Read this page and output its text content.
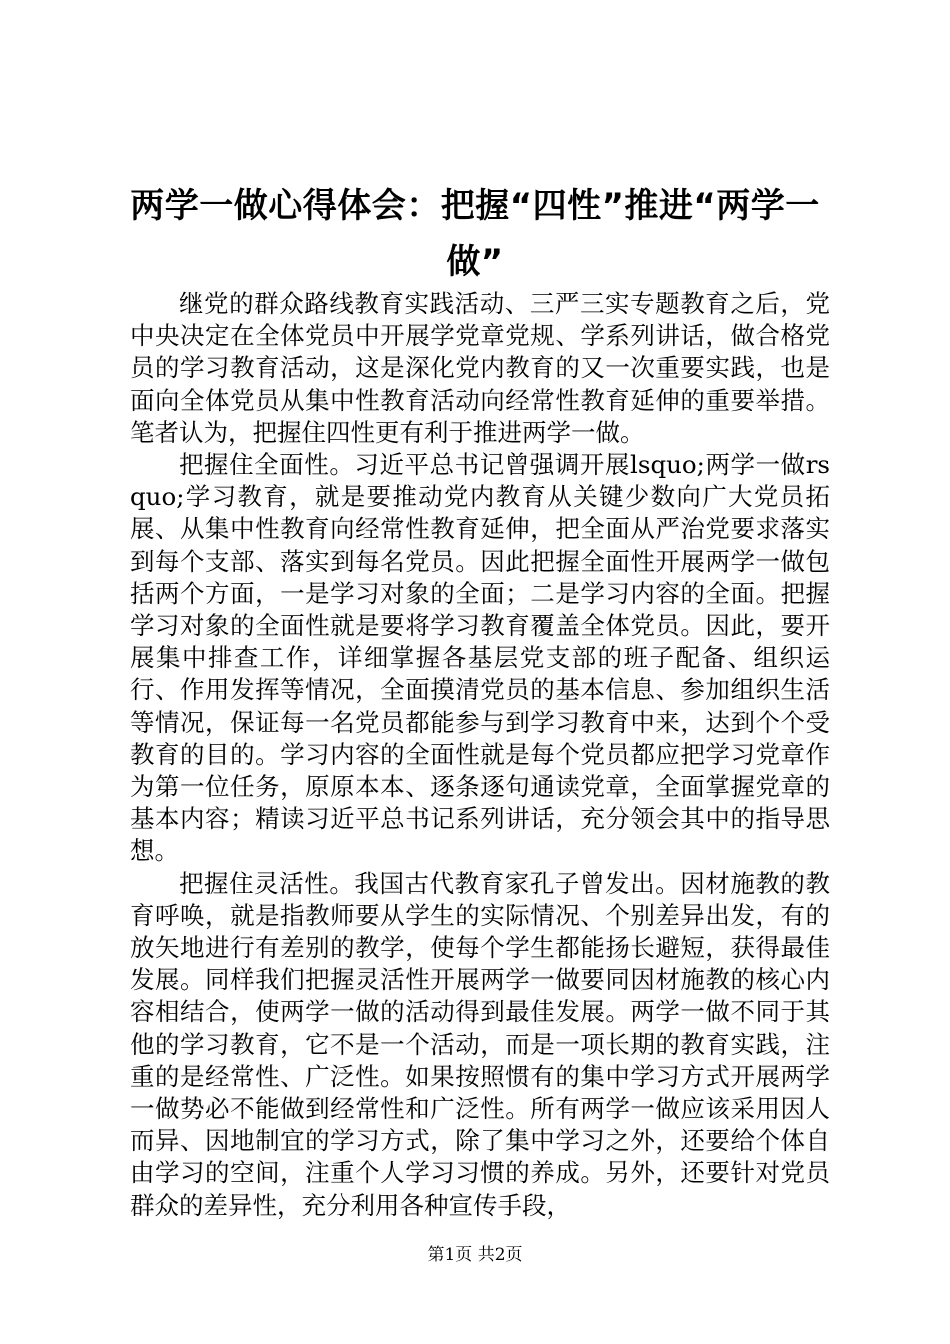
两学一做心得体会：把握“四性”推进“两学一做”

继党的群众路线教育实践活动、三严三实专题教育之后，党中央决定在全体党员中开展学党章党规、学系列讲话，做合格党员的学习教育活动，这是深化党内教育的又一次重要实践，也是面向全体党员从集中性教育活动向经常性教育延伸的重要举措。笔者认为，把握住四性更有利于推进两学一做。

把握住全面性。习近平总书记曾强调开展lsquo;两学一做rsquo;学习教育，就是要推动党内教育从关键少数向广大党员拓展、从集中性教育向经常性教育延伸，把全面从严治党要求落实到每个支部、落实到每名党员。因此把握全面性开展两学一做包括两个方面，一是学习对象的全面；二是学习内容的全面。把握学习对象的全面性就是要将学习教育覆盖全体党员。因此，要开展集中排查工作，详细掌握各基层党支部的班子配备、组织运行、作用发挥等情况，全面摸清党员的基本信息、参加组织生活等情况，保证每一名党员都能参与到学习教育中来，达到个个受教育的目的。学习内容的全面性就是每个党员都应把学习党章作为第一位任务，原原本本、逐条逐句通读党章，全面掌握党章的基本内容；精读习近平总书记系列讲话，充分领会其中的指导思想。

把握住灵活性。我国古代教育家孔子曾发出。因材施教的教育呼唤，就是指教师要从学生的实际情况、个别差异出发，有的放矢地进行有差别的教学，使每个学生都能扬长避短，获得最佳发展。同样我们把握灵活性开展两学一做要同因材施教的核心内容相结合，使两学一做的活动得到最佳发展。两学一做不同于其他的学习教育，它不是一个活动，而是一项长期的教育实践，注重的是经常性、广泛性。如果按照惯有的集中学习方式开展两学一做势必不能做到经常性和广泛性。所有两学一做应该采用因人而异、因地制宜的学习方式，除了集中学习之外，还要给个体自由学习的空间，注重个人学习习惯的养成。另外，还要针对党员群众的差异性，充分利用各种宣传手段，

第1页 共2页
